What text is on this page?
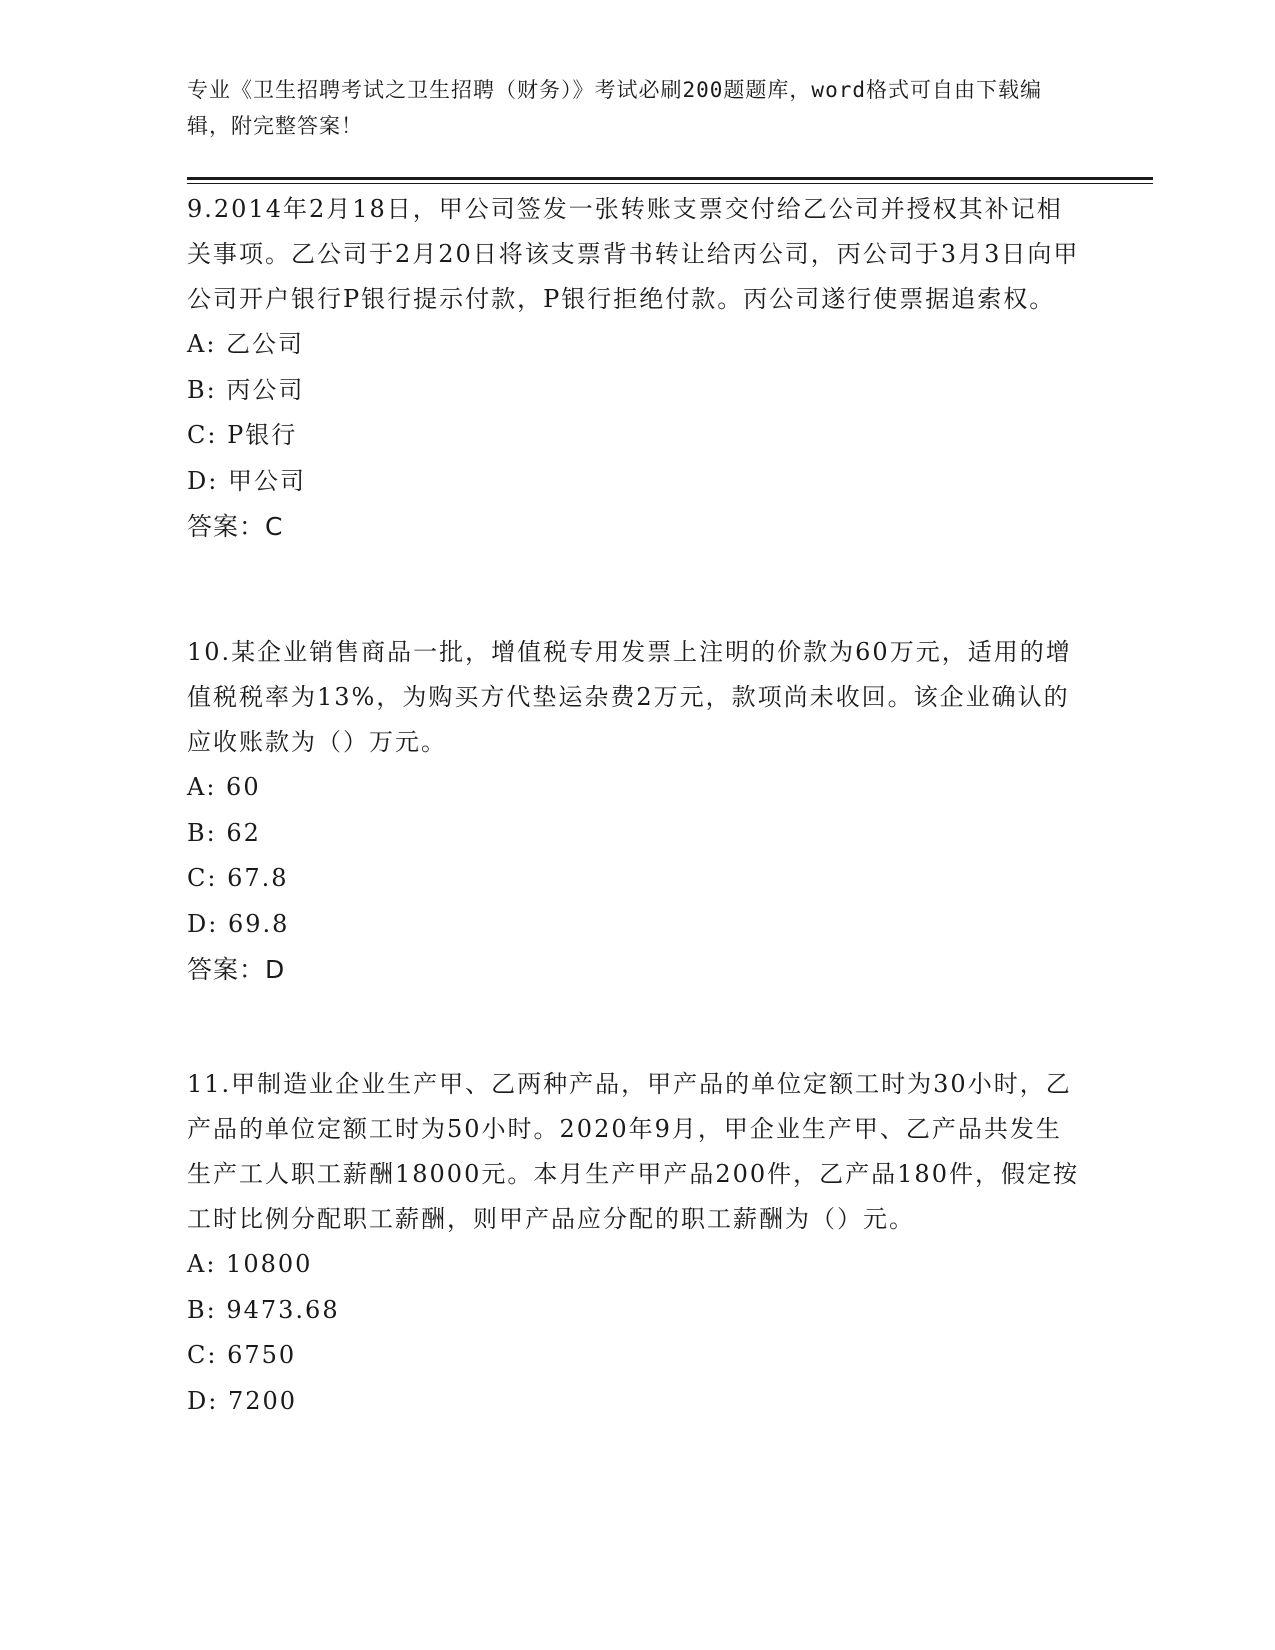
专业《卫生招聘考试之卫生招聘（财务）》考试必刷200题题库，word格式可自由下载编辑，附完整答案！

9.2014年2月18日，甲公司签发一张转账支票交付给乙公司并授权其补记相关事项。乙公司于2月20日将该支票背书转让给丙公司，丙公司于3月3日向甲公司开户银行P银行提示付款，P银行拒绝付款。丙公司遂行使票据追索权。

A: 乙公司

B: 丙公司

C: P银行

D: 甲公司

答案：C

10.某企业销售商品一批，增值税专用发票上注明的价款为60万元，适用的增值税税率为13%，为购买方代垫运杂费2万元，款项尚未收回。该企业确认的应收账款为（）万元。

A: 60

B: 62

C: 67.8

D: 69.8

答案：D

11.甲制造业企业生产甲、乙两种产品，甲产品的单位定额工时为30小时，乙产品的单位定额工时为50小时。2020年9月，甲企业生产甲、乙产品共发生生产工人职工薪酬18000元。本月生产甲产品200件，乙产品180件，假定按工时比例分配职工薪酬，则甲产品应分配的职工薪酬为（）元。

A: 10800

B: 9473.68

C: 6750

D: 7200
